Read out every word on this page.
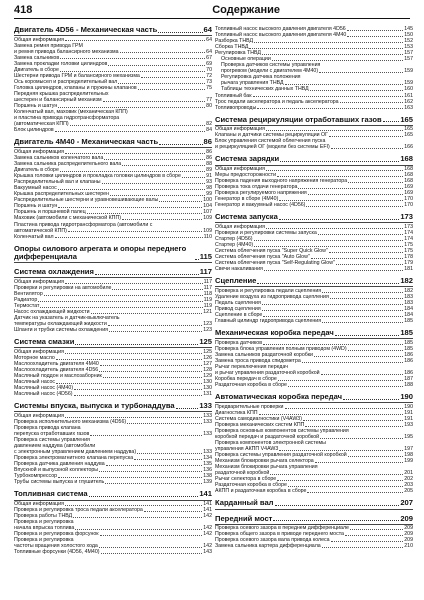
418	Содержание
Двигатель 4D56 - Механическая часть	64
Общая информация	64
Замена ремня привода ГРМ
и ремня привода балансирного механизма	64
Замена сальников	67
Замена прокладки головки цилиндров	69
Двигатель в сборе	70
Шестерни привода ГРМ и балансирного механизма	72
Ось коромысел и распределительный вал	73
Головка цилиндров, клапаны и пружины клапанов	75
Передняя крышка распределительных
шестерен и балансирный механизм	77
Поршень и шатун	80
Коленчатый вал, маховик (механическая КПП)
и пластина привода гидротрансформатора
(автоматическая КПП)	82
Блок цилиндров	84
Двигатель 4M40 - Механическая часть	86
Общая информация	86
Замена сальников коленчатого вала	86
Замена сальника распределительного вала	88
Двигатель в сборе	89
Крышка головки цилиндров и прокладка головки цилиндров в сборе	91
Распределительный вал и клапаны	93
Вакуумный насос	98
Крышка распределительных шестерен	99
Распределительные шестерни и уравновешивающие валы	100
Поршень и шатун	104
Поршень и поршневой палец	107
Маховик (автомобили с механической КПП)	109
Пластина привода гидротрансформатора (автомобили с
автоматической КПП)	109
Коленчатый вал	110
Опоры силового агрегата и опоры переднего дифференциала	115
Система охлаждения	117
Общая информация	117
Проверки и регулировки на автомобиле	117
Вентилятор	118
Радиатор	119
Термостат	119
Насос охлаждающей жидкости	121
Датчик на указатель и датчик-выключатель
температуры охлаждающей жидкости	123
Шланги и трубки системы охлаждения	123
Система смазки	125
Общая информация	125
Моторное масло	126
Маслоохладитель двигателя 4M40	127
Маслоохладитель двигателя 4D56	128
Масляный поддон и маслозаборник	129
Масляный насос	130
Масляный насос (4M40)	130
Масляный насос (4D56)	131
Системы впуска, выпуска и турбонаддува	133
Общая информация	133
Проверка исполнительного механизма (4D56)	133
Проверка привода клапана
перепуска отработавших газов	133
Проверка системы управления
давлением наддува (автомобили
с электронным управлением давлением наддува)	133
Проверка электромагнитного клапана перепуска	134
Проверка датчика давления наддува	135
Впускной и выпускной коллекторы	136
Турбокомпрессор	138
Трубы системы выпуска и глушитель	139
Топливная система	141
Общая информация	141
Проверка и регулировка троса педали акселератора	141
Проверка работы ТНВД	142
Проверка и регулировка
начала впрыска топлива	142
Проверка и регулировка форсунок	142
Проверка и регулировка
частоты вращения холостого хода	142
Топливные форсунки (4D56, 4M40)	143
Топливный насос высокого давления двигателя 4D56	145
Топливный насос высокого давления двигателя 4M40	150
Разборка ТНВД	152
Сборка ТНВД	153
Регулировка ТНВД	157
Основные операции	157
Проверка датчиков системы управления
прогревом (модели с двигателем 4M40)	159
Регулировка датчика положения
рычага управления ТНВД	159
Таблицы технических данных ТНВД	160
Топливный бак	161
Трос педали акселератора и педаль акселератора	162
Топливопроводы	163
Система рециркуляции отработавших газов 165
Общая информация	165
Клапаны и датчики системы рециркуляции ОГ	165
Блок управления системой облегчения пуска
и рециркуляцией ОГ (модели без системы EFI)	166
Система зарядки	168
Общая информация	168
Меры предосторожности	168
Проверка падения выходного напряжения генератора	168
Проверка тока отдачи генератора	169
Проверка регулируемого напряжения	169
Генератор в сборе (4M40)	170
Генератор и вакуумный насос (4D56)	170
Система запуска	173
Общая информация	173
Проверки и регулировки системы запуска	174
Стартер (4D56)	174
Стартер (4M40)	175
Система облегчения пуска "Super Quick Glow"	175
Система облегчения пуска "Auto Glow"	178
Система облегчения пуска "Self-Regulating Glow"	179
Свечи накаливания	181
Сцепление	182
Проверка и регулировка педали сцепления	182
Удаление воздуха из гидропривода сцепления	183
Педаль сцепления	183
Привод сцепления	184
Сцепление в сборе	184
Главный цилиндр гидропривода сцепления	185
Механическая коробка передач	185
Проверка датчиков	185
Проверка блока управления полным приводом (4WD)	185
Замена сальников раздаточной коробки	186
Замена троса привода спидометра	186
Рычаг переключения передач
и рычаг управления раздаточной коробкой	186
Коробка передач в сборе	187
Раздаточная коробка в сборе	188
Автоматическая коробка передач	190
Предварительные проверки	190
Диагностика КПП	191
Система самодиагностики (V4AW3)	191
Проверка механических систем КПП	193
Проверка основных компонентов системы управления
коробкой передач и раздаточной коробкой	195
Проверка компонентов электронной системы
управления АКПП V4AW3	197
Проверка системы управления раздаточной коробкой	198
Механизм блокировки рычага селектора	199
Механизм блокировки рычага управления
раздаточной коробкой	201
Рычаг селектора в сборе	202
Раздаточная коробка в сборе	203
АКПП и раздаточная коробка в сборе	205
Карданный вал	207
Передний мост	209
Проверка осевого зазора в переднем дифференциале	209
Проверка общего зазора в приводе переднего моста	209
Проверка осевого зазора вала привода колеса	209
Замена сальника картера дифференциала	210
